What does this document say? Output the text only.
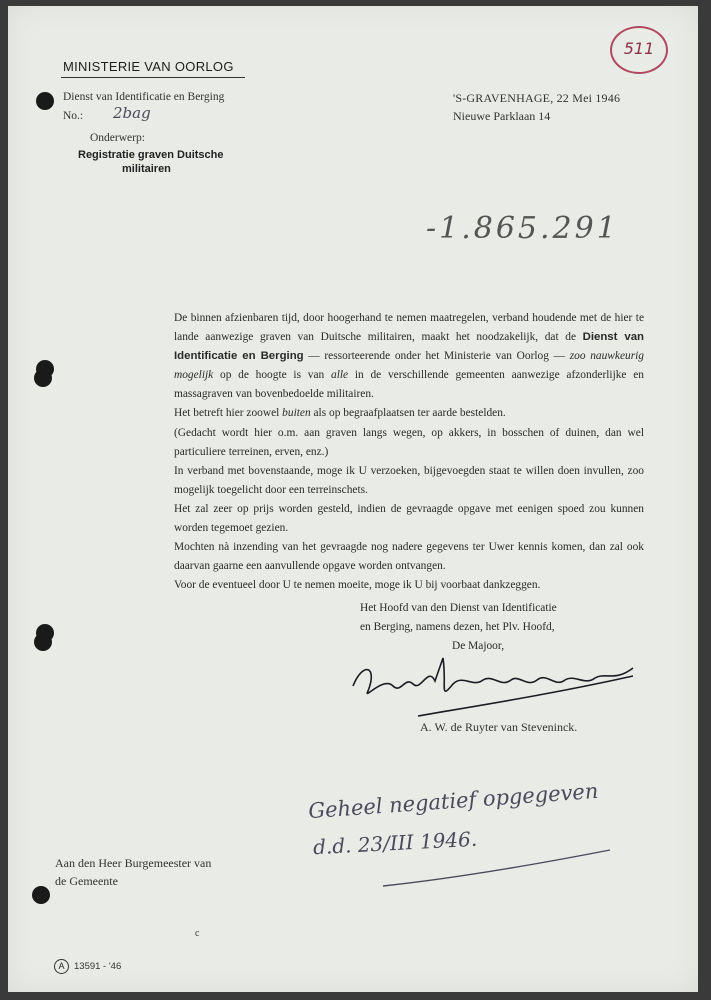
511
MINISTERIE VAN OORLOG
Dienst van Identificatie en Berging
No.: 2bag
'S-GRAVENHAGE, 22 Mei 1946
Nieuwe Parklaan 14
Onderwerp:
Registratie graven Duitsche
militairen
-1.865.291

De binnen afzienbaren tijd, door hoogerhand te nemen maatregelen, verband houdende met de hier te lande aanwezige graven van Duitsche militairen, maakt het noodzakelijk, dat de Dienst van Identificatie en Berging — ressorteerende onder het Ministerie van Oorlog — zoo nauwkeurig mogelijk op de hoogte is van alle in de verschillende gemeenten aanwezige afzonderlijke en massagraven van bovenbedoelde militairen.

Het betreft hier zoowel buiten als op begraafplaatsen ter aarde bestelden.

(Gedacht wordt hier o.m. aan graven langs wegen, op akkers, in bosschen of duinen, dan wel particuliere terreinen, erven, enz.)

In verband met bovenstaande, moge ik U verzoeken, bijgevoegden staat te willen doen invullen, zoo mogelijk toegelicht door een terreinschets.

Het zal zeer op prijs worden gesteld, indien de gevraagde opgave met eenigen spoed zou kunnen worden tegemoet gezien.

Mochten nà inzending van het gevraagde nog nadere gegevens ter Uwer kennis komen, dan zal ook daarvan gaarne een aanvullende opgave worden ontvangen.

Voor de eventueel door U te nemen moeite, moge ik U bij voorbaat dankzeggen.

Het Hoofd van den Dienst van Identificatie
en Berging, namens dezen, het Plv. Hoofd,
De Majoor,
A. W. de Ruyter van Steveninck.
Geheel negatief opgegeven
d.d. 23/III 1946.
Aan den Heer Burgemeester van
de Gemeente
c
A	13591 - '46
